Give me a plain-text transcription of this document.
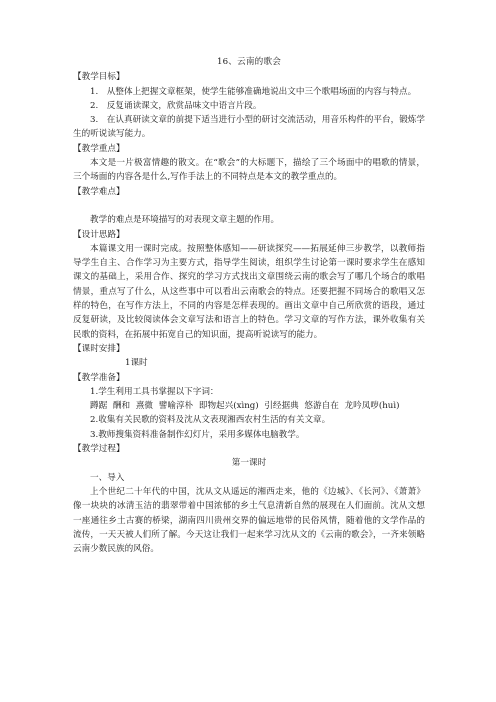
16、云南的歌会
【教学目标】

1.　从整体上把握文章框架，使学生能够准确地说出文中三个歌唱场面的内容与特点。

2.　反复诵读课文，欣赏品味文中语言片段。

3.　在认真研读文章的前提下适当进行小型的研讨交流活动，用音乐构件的平台，锻炼学生的听说读写能力。

【教学重点】

本文是一片极富情趣的散文。在“歌会”的大标题下，描绘了三个场面中的唱歌的情景，三个场面的内容各是什么,写作手法上的不同特点是本文的教学重点的。

【教学难点】

教学的难点是环境描写的对表现文章主题的作用。

【设计思路】

本篇课文用一课时完成。按照整体感知——研读探究——拓展延伸三步教学，以教师指导学生自主、合作学习为主要方式，指导学生阅读，组织学生讨论第一课时要求学生在感知课文的基础上，采用合作、探究的学习方式找出文章围绕云南的歌会写了哪几个场合的歌唱情景，重点写了什么，从这些事中可以看出云南歌会的特点。还要把握不同场合的歌唱又怎样的特色，在写作方法上，不同的内容是怎样表现的。画出文章中自己所欣赏的语段，通过反复研读，及比较阅读体会文章写法和语言上的特色。学习文章的写作方法，课外收集有关民歌的资料，在拓展中拓宽自己的知识面，提高听说读写的能力。

【课时安排】

1课时

【教学准备】

1.学生利用工具书掌握以下字词：

蹲踞 酬和 熹微 譬喻淳朴 即物起兴(xìng) 引经据典 悠游自在 龙吟凤哕(huì)

2.收集有关民歌的资料及沈从文表现湘西农村生活的有关文章。

3.教师搜集资料准备制作幻灯片，采用多媒体电脑教学。

【教学过程】

第一课时

一、导入

上个世纪二十年代的中国，沈从文从遥远的湘西走来，他的《边城》、《长河》、《萧萧》像一块块的冰清玉洁的翡翠带着中国浓郁的乡土气息清新自然的展现在人们面前。沈从文想一座通往乡土古赛的桥梁，湖南四川贵州交界的偏远地带的民俗风情，随着他的文学作品的流传，一天天被人们所了解。今天这让我们一起来学习沈从文的《云南的歌会》，一齐来领略云南少数民族的风俗。
